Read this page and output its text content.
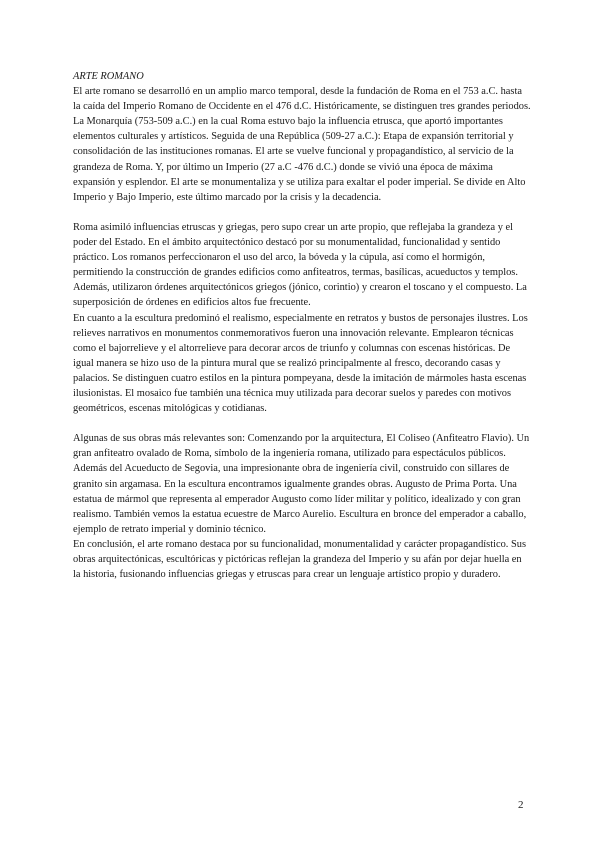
ARTE ROMANO

El arte romano se desarrolló en un amplio marco temporal, desde la fundación de Roma en el 753 a.C. hasta la caída del Imperio Romano de Occidente en el 476 d.C. Históricamente, se distinguen tres grandes periodos. La Monarquía (753-509 a.C.) en la cual Roma estuvo bajo la influencia etrusca, que aportó importantes elementos culturales y artísticos. Seguida de una República (509-27 a.C.): Etapa de expansión territorial y consolidación de las instituciones romanas. El arte se vuelve funcional y propagandístico, al servicio de la grandeza de Roma. Y, por último un Imperio (27 a.C -476 d.C.) donde se vivió una época de máxima expansión y esplendor. El arte se monumentaliza y se utiliza para exaltar el poder imperial. Se divide en Alto Imperio y Bajo Imperio, este último marcado por la crisis y la decadencia.

Roma asimiló influencias etruscas y griegas, pero supo crear un arte propio, que reflejaba la grandeza y el poder del Estado. En el ámbito arquitectónico destacó por su monumentalidad, funcionalidad y sentido práctico. Los romanos perfeccionaron el uso del arco, la bóveda y la cúpula, así como el hormigón, permitiendo la construcción de grandes edificios como anfiteatros, termas, basílicas, acueductos y templos. Además, utilizaron órdenes arquitectónicos griegos (jónico, corintio) y crearon el toscano y el compuesto. La superposición de órdenes en edificios altos fue frecuente.

En cuanto a la escultura predominó el realismo, especialmente en retratos y bustos de personajes ilustres. Los relieves narrativos en monumentos conmemorativos fueron una innovación relevante. Emplearon técnicas como el bajorrelieve y el altorrelieve para decorar arcos de triunfo y columnas con escenas históricas. De igual manera se hizo uso de la pintura mural que se realizó principalmente al fresco, decorando casas y palacios. Se distinguen cuatro estilos en la pintura pompeyana, desde la imitación de mármoles hasta escenas ilusionistas. El mosaico fue también una técnica muy utilizada para decorar suelos y paredes con motivos geométricos, escenas mitológicas y cotidianas.

Algunas de sus obras más relevantes son: Comenzando por la arquitectura, El Coliseo (Anfiteatro Flavio). Un gran anfiteatro ovalado de Roma, símbolo de la ingeniería romana, utilizado para espectáculos públicos. Además del Acueducto de Segovia, una impresionante obra de ingeniería civil, construido con sillares de granito sin argamasa. En la escultura encontramos igualmente grandes obras. Augusto de Prima Porta. Una estatua de mármol que representa al emperador Augusto como líder militar y político, idealizado y con gran realismo. También vemos la estatua ecuestre de Marco Aurelio. Escultura en bronce del emperador a caballo, ejemplo de retrato imperial y dominio técnico.

En conclusión, el arte romano destaca por su funcionalidad, monumentalidad y carácter propagandístico. Sus obras arquitectónicas, escultóricas y pictóricas reflejan la grandeza del Imperio y su afán por dejar huella en la historia, fusionando influencias griegas y etruscas para crear un lenguaje artístico propio y duradero.

2
